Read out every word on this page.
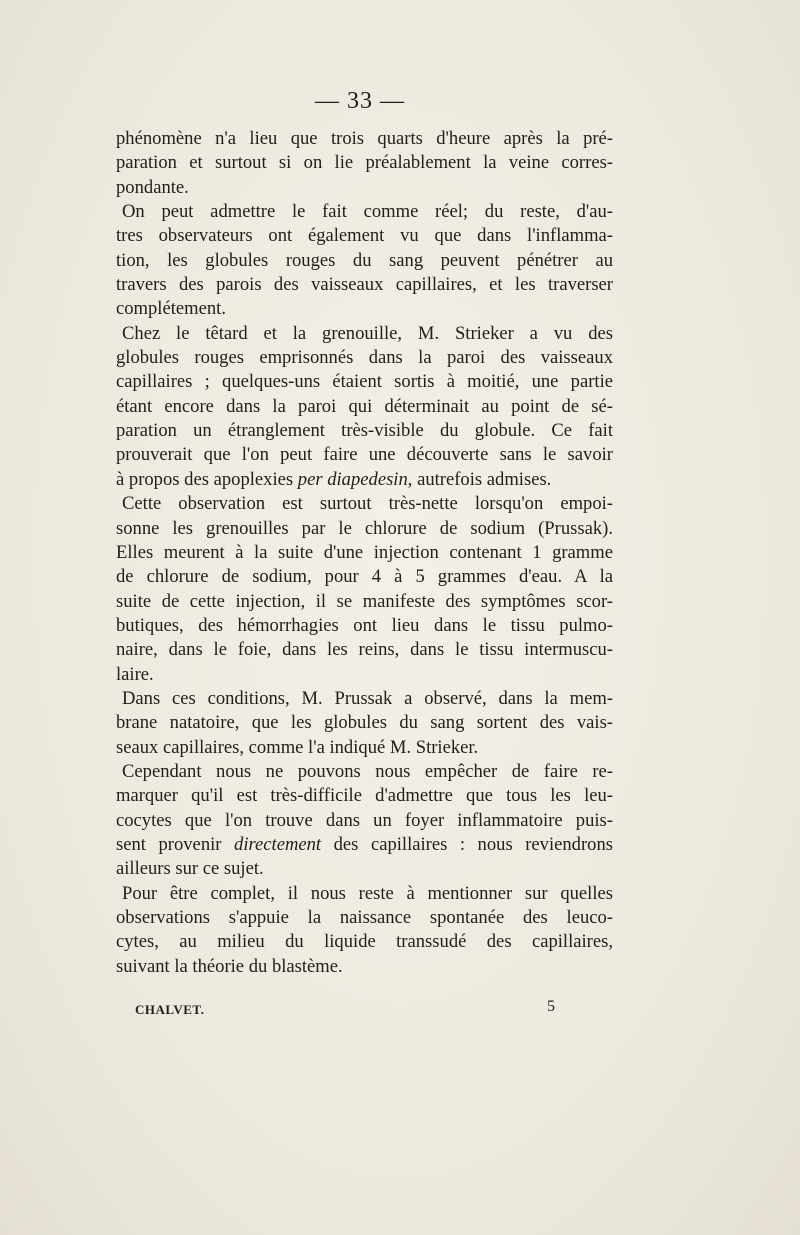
— 33 —
phénomène n'a lieu que trois quarts d'heure après la pré-
paration et surtout si on lie préalablement la veine corres-
pondante.
On peut admettre le fait comme réel; du reste, d'au-
tres observateurs ont également vu que dans l'inflamma-
tion, les globules rouges du sang peuvent pénétrer au
travers des parois des vaisseaux capillaires, et les traverser
complétement.
Chez le têtard et la grenouille, M. Strieker a vu des
globules rouges emprisonnés dans la paroi des vaisseaux
capillaires ; quelques-uns étaient sortis à moitié, une partie
étant encore dans la paroi qui déterminait au point de sé-
paration un étranglement très-visible du globule. Ce fait
prouverait que l'on peut faire une découverte sans le savoir
à propos des apoplexies per diapedesin, autrefois admises.
Cette observation est surtout très-nette lorsqu'on empoi-
sonne les grenouilles par le chlorure de sodium (Prussak).
Elles meurent à la suite d'une injection contenant 1 gramme
de chlorure de sodium, pour 4 à 5 grammes d'eau. A la
suite de cette injection, il se manifeste des symptômes scor-
butiques, des hémorrhagies ont lieu dans le tissu pulmo-
naire, dans le foie, dans les reins, dans le tissu intermuscu-
laire.
Dans ces conditions, M. Prussak a observé, dans la mem-
brane natatoire, que les globules du sang sortent des vais-
seaux capillaires, comme l'a indiqué M. Strieker.
Cependant nous ne pouvons nous empêcher de faire re-
marquer qu'il est très-difficile d'admettre que tous les leu-
cocytes que l'on trouve dans un foyer inflammatoire puis-
sent provenir directement des capillaires : nous reviendrons
ailleurs sur ce sujet.
Pour être complet, il nous reste à mentionner sur quelles
observations s'appuie la naissance spontanée des leuco-
cytes, au milieu du liquide transsudé des capillaires,
suivant la théorie du blastème.
CHALVET.	5
